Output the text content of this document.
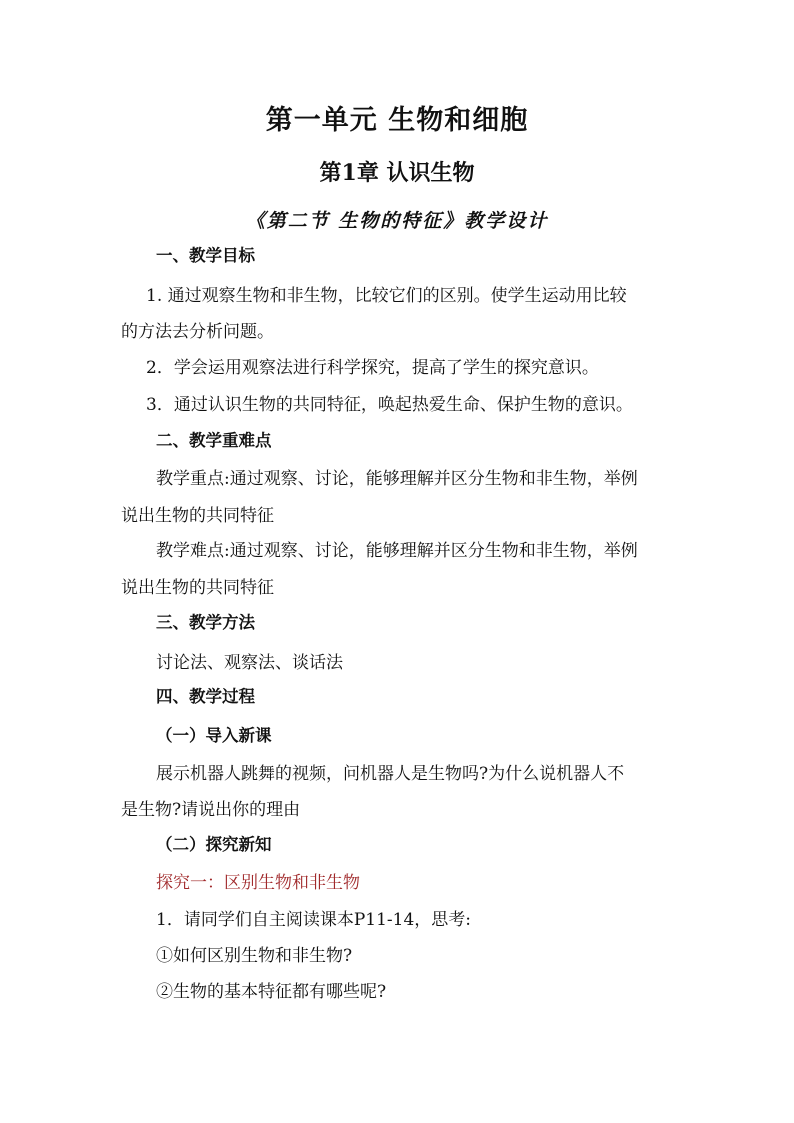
第一单元 生物和细胞
第1章 认识生物
《第二节 生物的特征》教学设计
一、教学目标
1. 通过观察生物和非生物，比较它们的区别。使学生运动用比较
的方法去分析问题。
2．学会运用观察法进行科学探究，提高了学生的探究意识。
3．通过认识生物的共同特征，唤起热爱生命、保护生物的意识。
二、教学重难点
教学重点:通过观察、讨论，能够理解并区分生物和非生物，举例
说出生物的共同特征
教学难点:通过观察、讨论，能够理解并区分生物和非生物，举例
说出生物的共同特征
三、教学方法
讨论法、观察法、谈话法
四、教学过程
（一）导入新课
展示机器人跳舞的视频，问机器人是生物吗?为什么说机器人不
是生物?请说出你的理由
（二）探究新知
探究一：区别生物和非生物
1．请同学们自主阅读课本P11-14，思考:
①如何区别生物和非生物?
②生物的基本特征都有哪些呢?
